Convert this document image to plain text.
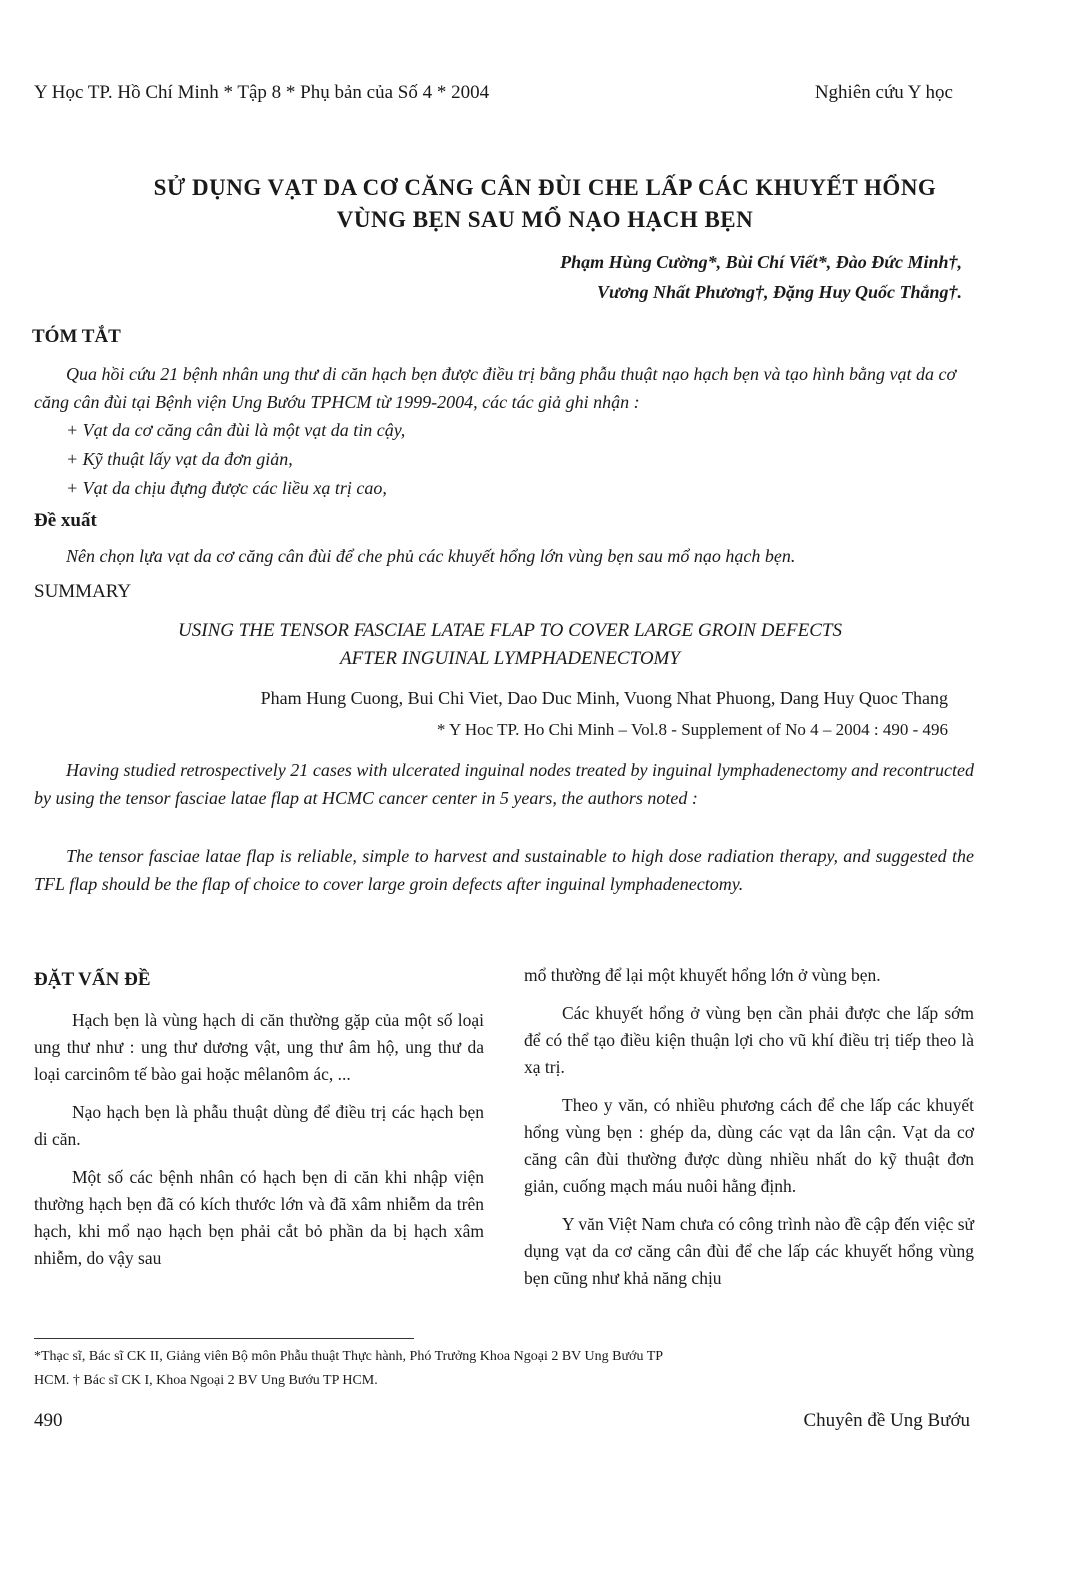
Y Học TP. Hồ Chí Minh * Tập 8 * Phụ bản của Số 4 * 2004	Nghiên cứu Y học
SỬ DỤNG VẠT DA CƠ CĂNG CÂN ĐÙI CHE LẤP CÁC KHUYẾT HỔNG
VÙNG BẸN SAU MỔ NẠO HẠCH BẸN
Phạm Hùng Cường*, Bùi Chí Viết*, Đào Đức Minh†,
Vương Nhất Phương†, Đặng Huy Quốc Thắng†.
TÓM TẮT
Qua hồi cứu 21 bệnh nhân ung thư di căn hạch bẹn được điều trị bằng phẫu thuật nạo hạch bẹn và tạo hình bằng vạt da cơ căng cân đùi tại Bệnh viện Ung Bướu TPHCM từ 1999-2004, các tác giả ghi nhận :
+ Vạt da cơ căng cân đùi là một vạt da tin cậy,
+ Kỹ thuật lấy vạt da đơn giản,
+ Vạt da chịu đựng được các liều xạ trị cao,
Đề xuất
Nên chọn lựa vạt da cơ căng cân đùi để che phủ các khuyết hổng lớn vùng bẹn sau mổ nạo hạch bẹn.
SUMMARY
USING THE TENSOR FASCIAE LATAE FLAP TO COVER LARGE GROIN DEFECTS
AFTER INGUINAL LYMPHADENECTOMY
Pham Hung Cuong, Bui Chi Viet, Dao Duc Minh, Vuong Nhat Phuong, Dang Huy Quoc Thang
* Y Hoc TP. Ho Chi Minh – Vol.8 - Supplement of No 4 – 2004 : 490 - 496
Having studied retrospectively 21 cases with ulcerated inguinal nodes treated by inguinal lymphadenectomy and recontructed by using the tensor fasciae latae flap at HCMC cancer center in 5 years, the authors noted :
The tensor fasciae latae flap is reliable, simple to harvest and sustainable to high dose radiation therapy, and suggested the TFL flap should be the flap of choice to cover large groin defects after inguinal lymphadenectomy.
ĐẶT VẤN ĐỀ

Hạch bẹn là vùng hạch di căn thường gặp của một số loại ung thư như : ung thư dương vật, ung thư âm hộ, ung thư da loại carcinôm tế bào gai hoặc mêlanôm ác, ...

Nạo hạch bẹn là phẫu thuật dùng để điều trị các hạch bẹn di căn.

Một số các bệnh nhân có hạch bẹn di căn khi nhập viện thường hạch bẹn đã có kích thước lớn và đã xâm nhiễm da trên hạch, khi mổ nạo hạch bẹn phải cắt bỏ phần da bị hạch xâm nhiễm, do vậy sau

mổ thường để lại một khuyết hổng lớn ở vùng bẹn.

Các khuyết hổng ở vùng bẹn cần phải được che lấp sớm để có thể tạo điều kiện thuận lợi cho vũ khí điều trị tiếp theo là xạ trị.

Theo y văn, có nhiều phương cách để che lấp các khuyết hổng vùng bẹn : ghép da, dùng các vạt da lân cận. Vạt da cơ căng cân đùi thường được dùng nhiều nhất do kỹ thuật đơn giản, cuống mạch máu nuôi hằng định.

Y văn Việt Nam chưa có công trình nào đề cập đến việc sử dụng vạt da cơ căng cân đùi để che lấp các khuyết hổng vùng bẹn cũng như khả năng chịu

*Thạc sĩ, Bác sĩ CK II, Giảng viên Bộ môn Phẫu thuật Thực hành, Phó Trưởng Khoa Ngoại 2 BV Ung Bướu TP
HCM. † Bác sĩ CK I, Khoa Ngoại 2 BV Ung Bướu TP HCM.
490	Chuyên đề Ung Bướu
